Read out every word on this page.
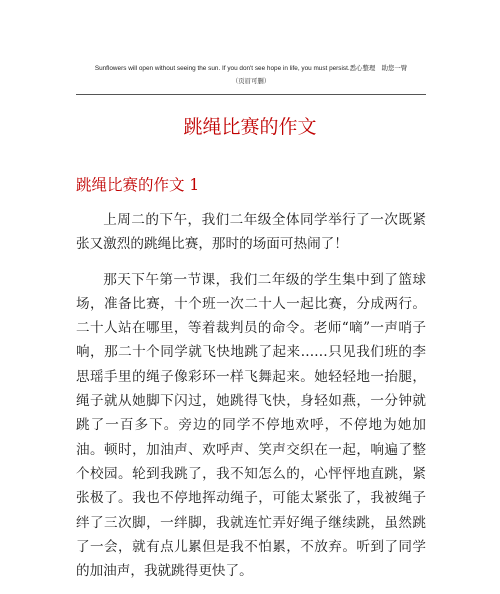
Sunflowers will open without seeing the sun. If you don't see hope in life, you must persist.悉心整理　助您一臂
（页眉可删）
跳绳比赛的作文
跳绳比赛的作文 1

上周二的下午，我们二年级全体同学举行了一次既紧张又激烈的跳绳比赛，那时的场面可热闹了！

那天下午第一节课，我们二年级的学生集中到了篮球场，准备比赛，十个班一次二十人一起比赛，分成两行。二十人站在哪里，等着裁判员的命令。老师“嘀”一声哨子响，那二十个同学就飞快地跳了起来……只见我们班的李思瑶手里的绳子像彩环一样飞舞起来。她轻轻地一抬腿，绳子就从她脚下闪过，她跳得飞快，身轻如燕，一分钟就跳了一百多下。旁边的同学不停地欢呼，不停地为她加油。顿时，加油声、欢呼声、笑声交织在一起，响遍了整个校园。轮到我跳了，我不知怎么的，心怦怦地直跳，紧张极了。我也不停地挥动绳子，可能太紧张了，我被绳子绊了三次脚，一绊脚，我就连忙弄好绳子继续跳，虽然跳了一会，就有点儿累但是我不怕累，不放弃。听到了同学的加油声，我就跳得更快了。
